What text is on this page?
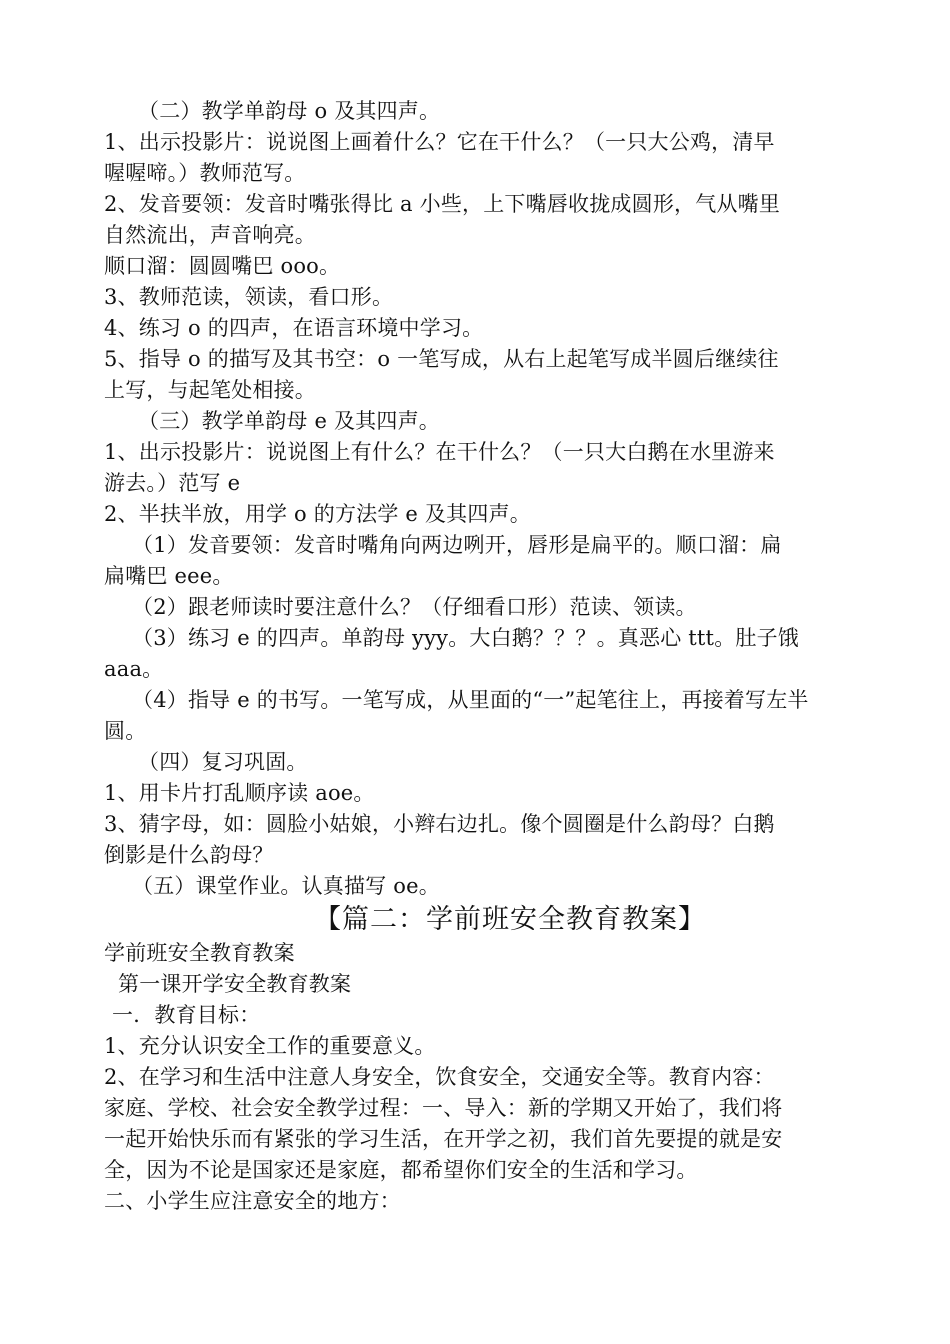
（二）教学单韵母 o 及其四声。

1、出示投影片：说说图上画着什么？它在干什么？（一只大公鸡，清早

喔喔啼。）教师范写。

2、发音要领：发音时嘴张得比 a 小些，上下嘴唇收拢成圆形，气从嘴里

自然流出，声音响亮。

顺口溜：圆圆嘴巴 ooo。

3、教师范读，领读，看口形。

4、练习 o 的四声，在语言环境中学习。

5、指导 o 的描写及其书空：o 一笔写成，从右上起笔写成半圆后继续往

上写，与起笔处相接。

（三）教学单韵母 e 及其四声。

1、出示投影片：说说图上有什么？在干什么？（一只大白鹅在水里游来

游去。）范写 e

2、半扶半放，用学 o 的方法学 e 及其四声。

（1）发音要领：发音时嘴角向两边咧开，唇形是扁平的。顺口溜：扁

扁嘴巴 eee。

（2）跟老师读时要注意什么？（仔细看口形）范读、领读。

（3）练习 e 的四声。单韵母 yyy。大白鹅？？？。真恶心 ttt。肚子饿

aaa。

（4）指导 e 的书写。一笔写成，从里面的“一”起笔往上，再接着写左半

圆。

（四）复习巩固。

1、用卡片打乱顺序读 aoe。

3、猜字母，如：圆脸小姑娘，小辫右边扎。像个圆圈是什么韵母？白鹅

倒影是什么韵母？

（五）课堂作业。认真描写 oe。

【篇二：学前班安全教育教案】

学前班安全教育教案

第一课开学安全教育教案

一．教育目标：

1、充分认识安全工作的重要意义。

2、在学习和生活中注意人身安全，饮食安全，交通安全等。教育内容：

家庭、学校、社会安全教学过程：一、导入：新的学期又开始了，我们将

一起开始快乐而有紧张的学习生活，在开学之初，我们首先要提的就是安

全，因为不论是国家还是家庭，都希望你们安全的生活和学习。

二、小学生应注意安全的地方：
